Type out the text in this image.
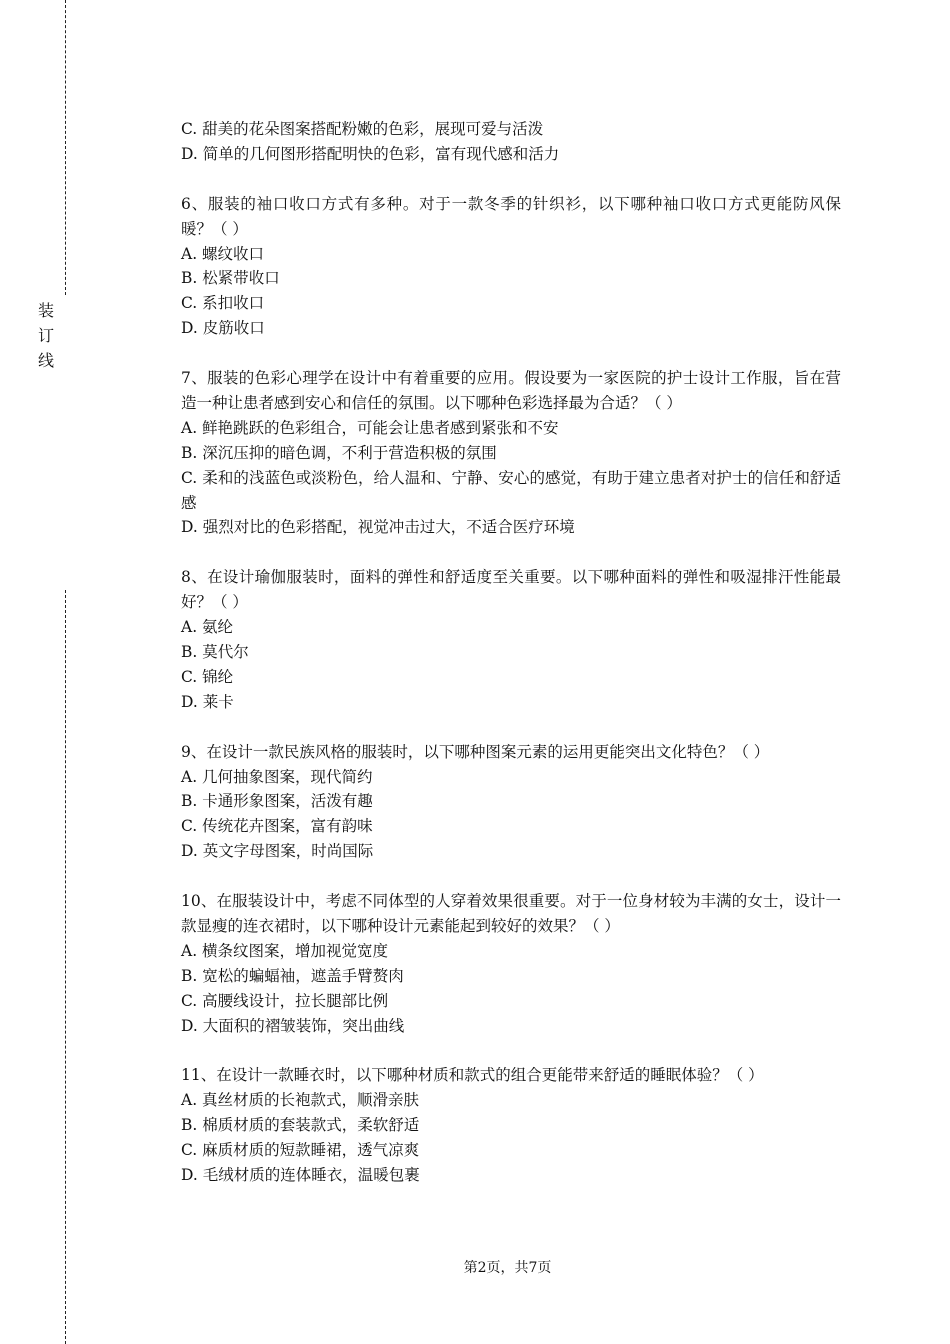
装订线

C. 甜美的花朵图案搭配粉嫩的色彩，展现可爱与活泼

D. 简单的几何图形搭配明快的色彩，富有现代感和活力

6、服装的袖口收口方式有多种。对于一款冬季的针织衫，以下哪种袖口收口方式更能防风保暖？（ ）

A. 螺纹收口

B. 松紧带收口

C. 系扣收口

D. 皮筋收口

7、服装的色彩心理学在设计中有着重要的应用。假设要为一家医院的护士设计工作服，旨在营造一种让患者感到安心和信任的氛围。以下哪种色彩选择最为合适？（ ）

A. 鲜艳跳跃的色彩组合，可能会让患者感到紧张和不安

B. 深沉压抑的暗色调，不利于营造积极的氛围

C. 柔和的浅蓝色或淡粉色，给人温和、宁静、安心的感觉，有助于建立患者对护士的信任和舒适感

D. 强烈对比的色彩搭配，视觉冲击过大，不适合医疗环境

8、在设计瑜伽服装时，面料的弹性和舒适度至关重要。以下哪种面料的弹性和吸湿排汗性能最好？（ ）

A. 氨纶

B. 莫代尔

C. 锦纶

D. 莱卡

9、在设计一款民族风格的服装时，以下哪种图案元素的运用更能突出文化特色？（ ）

A. 几何抽象图案，现代简约

B. 卡通形象图案，活泼有趣

C. 传统花卉图案，富有韵味

D. 英文字母图案，时尚国际

10、在服装设计中，考虑不同体型的人穿着效果很重要。对于一位身材较为丰满的女士，设计一款显瘦的连衣裙时，以下哪种设计元素能起到较好的效果？（ ）

A. 横条纹图案，增加视觉宽度

B. 宽松的蝙蝠袖，遮盖手臂赘肉

C. 高腰线设计，拉长腿部比例

D. 大面积的褶皱装饰，突出曲线

11、在设计一款睡衣时，以下哪种材质和款式的组合更能带来舒适的睡眠体验？（ ）

A. 真丝材质的长袍款式，顺滑亲肤

B. 棉质材质的套装款式，柔软舒适

C. 麻质材质的短款睡裙，透气凉爽

D. 毛绒材质的连体睡衣，温暖包裹

第2页，共7页
